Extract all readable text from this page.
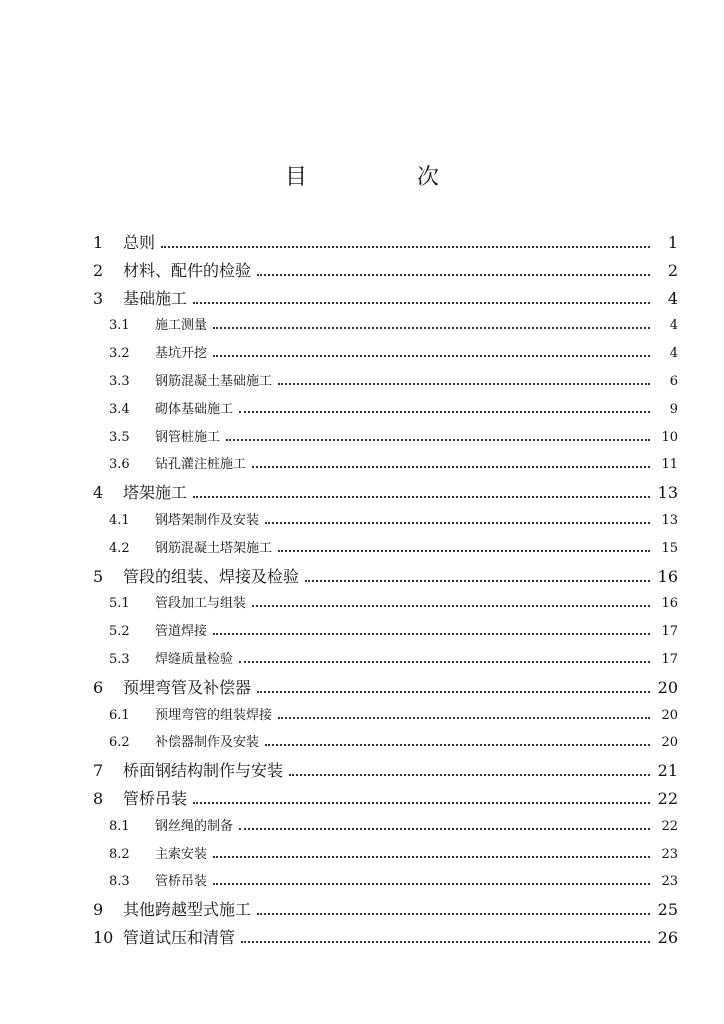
目　次
1	总则	1
2	材料、配件的检验	2
3	基础施工	4
3.1	施工测量	4
3.2	基坑开挖	4
3.3	钢筋混凝土基础施工	6
3.4	砌体基础施工	9
3.5	钢管桩施工	10
3.6	钻孔灌注桩施工	11
4	塔架施工	13
4.1	钢塔架制作及安装	13
4.2	钢筋混凝土塔架施工	15
5	管段的组装、焊接及检验	16
5.1	管段加工与组装	16
5.2	管道焊接	17
5.3	焊缝质量检验	17
6	预埋弯管及补偿器	20
6.1	预埋弯管的组装焊接	20
6.2	补偿器制作及安装	20
7	桥面钢结构制作与安装	21
8	管桥吊装	22
8.1	钢丝绳的制备	22
8.2	主索安装	23
8.3	管桥吊装	23
9	其他跨越型式施工	25
10 管道试压和清管	26
